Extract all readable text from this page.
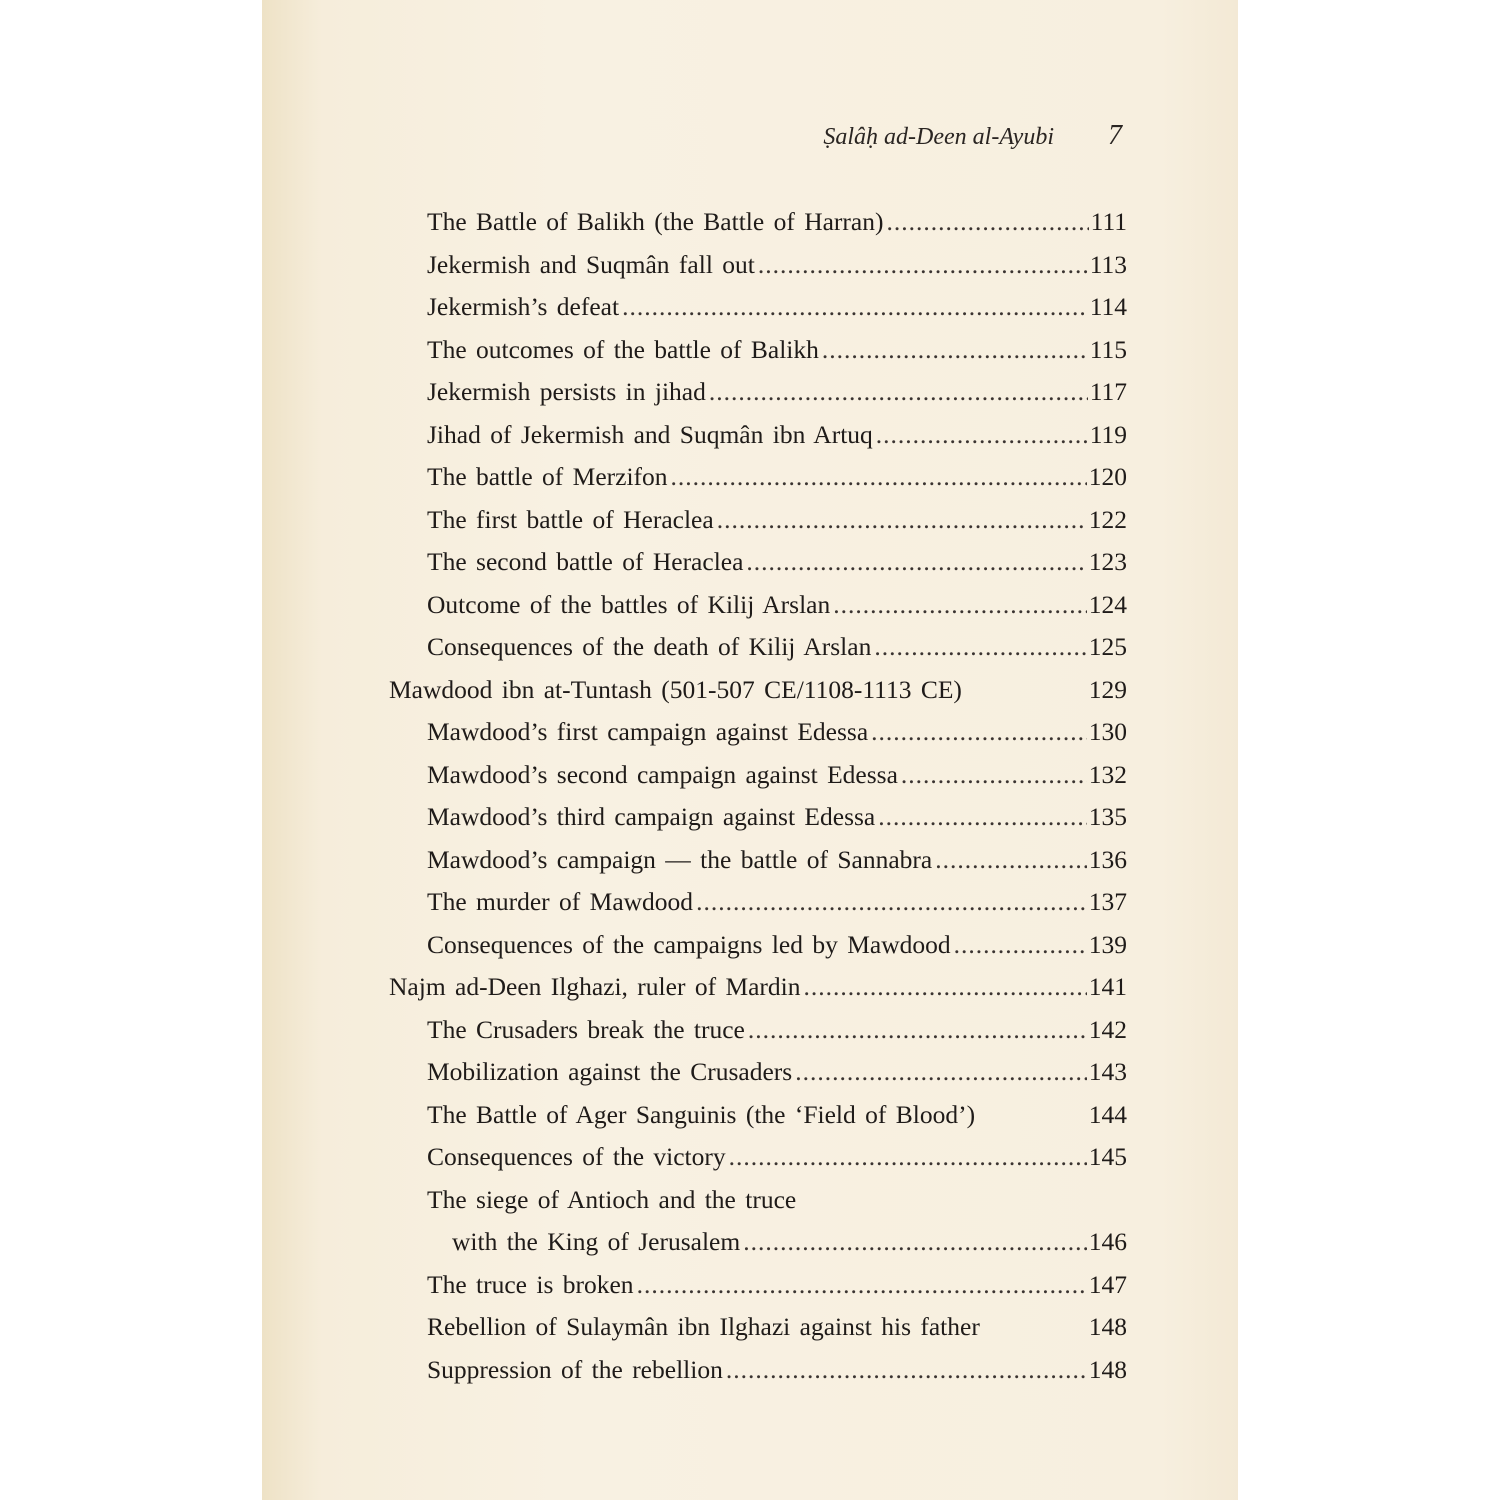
Ṣalâḥ ad-Deen al-Ayubi 7
The Battle of Balikh (the Battle of Harran) .....	111
Jekermish and Suqmân fall out .....	113
Jekermish’s defeat .....	114
The outcomes of the battle of Balikh .....	115
Jekermish persists in jihad .....	117
Jihad of Jekermish and Suqmân ibn Artuq .....	119
The battle of Merzifon .....	120
The first battle of Heraclea .....	122
The second battle of Heraclea .....	123
Outcome of the battles of Kilij Arslan .....	124
Consequences of the death of Kilij Arslan .....	125
Mawdood ibn at-Tuntash (501-507 CE/1108-1113 CE)	129
Mawdood’s first campaign against Edessa .....	130
Mawdood’s second campaign against Edessa .....	132
Mawdood’s third campaign against Edessa .....	135
Mawdood’s campaign — the battle of Sannabra .....	136
The murder of Mawdood .....	137
Consequences of the campaigns led by Mawdood .....	139
Najm ad-Deen Ilghazi, ruler of Mardin .....	141
The Crusaders break the truce .....	142
Mobilization against the Crusaders .....	143
The Battle of Ager Sanguinis (the ‘Field of Blood’)	144
Consequences of the victory .....	145
The siege of Antioch and the truce
with the King of Jerusalem .....	146
The truce is broken .....	147
Rebellion of Sulaymân ibn Ilghazi against his father	148
Suppression of the rebellion .....	148
